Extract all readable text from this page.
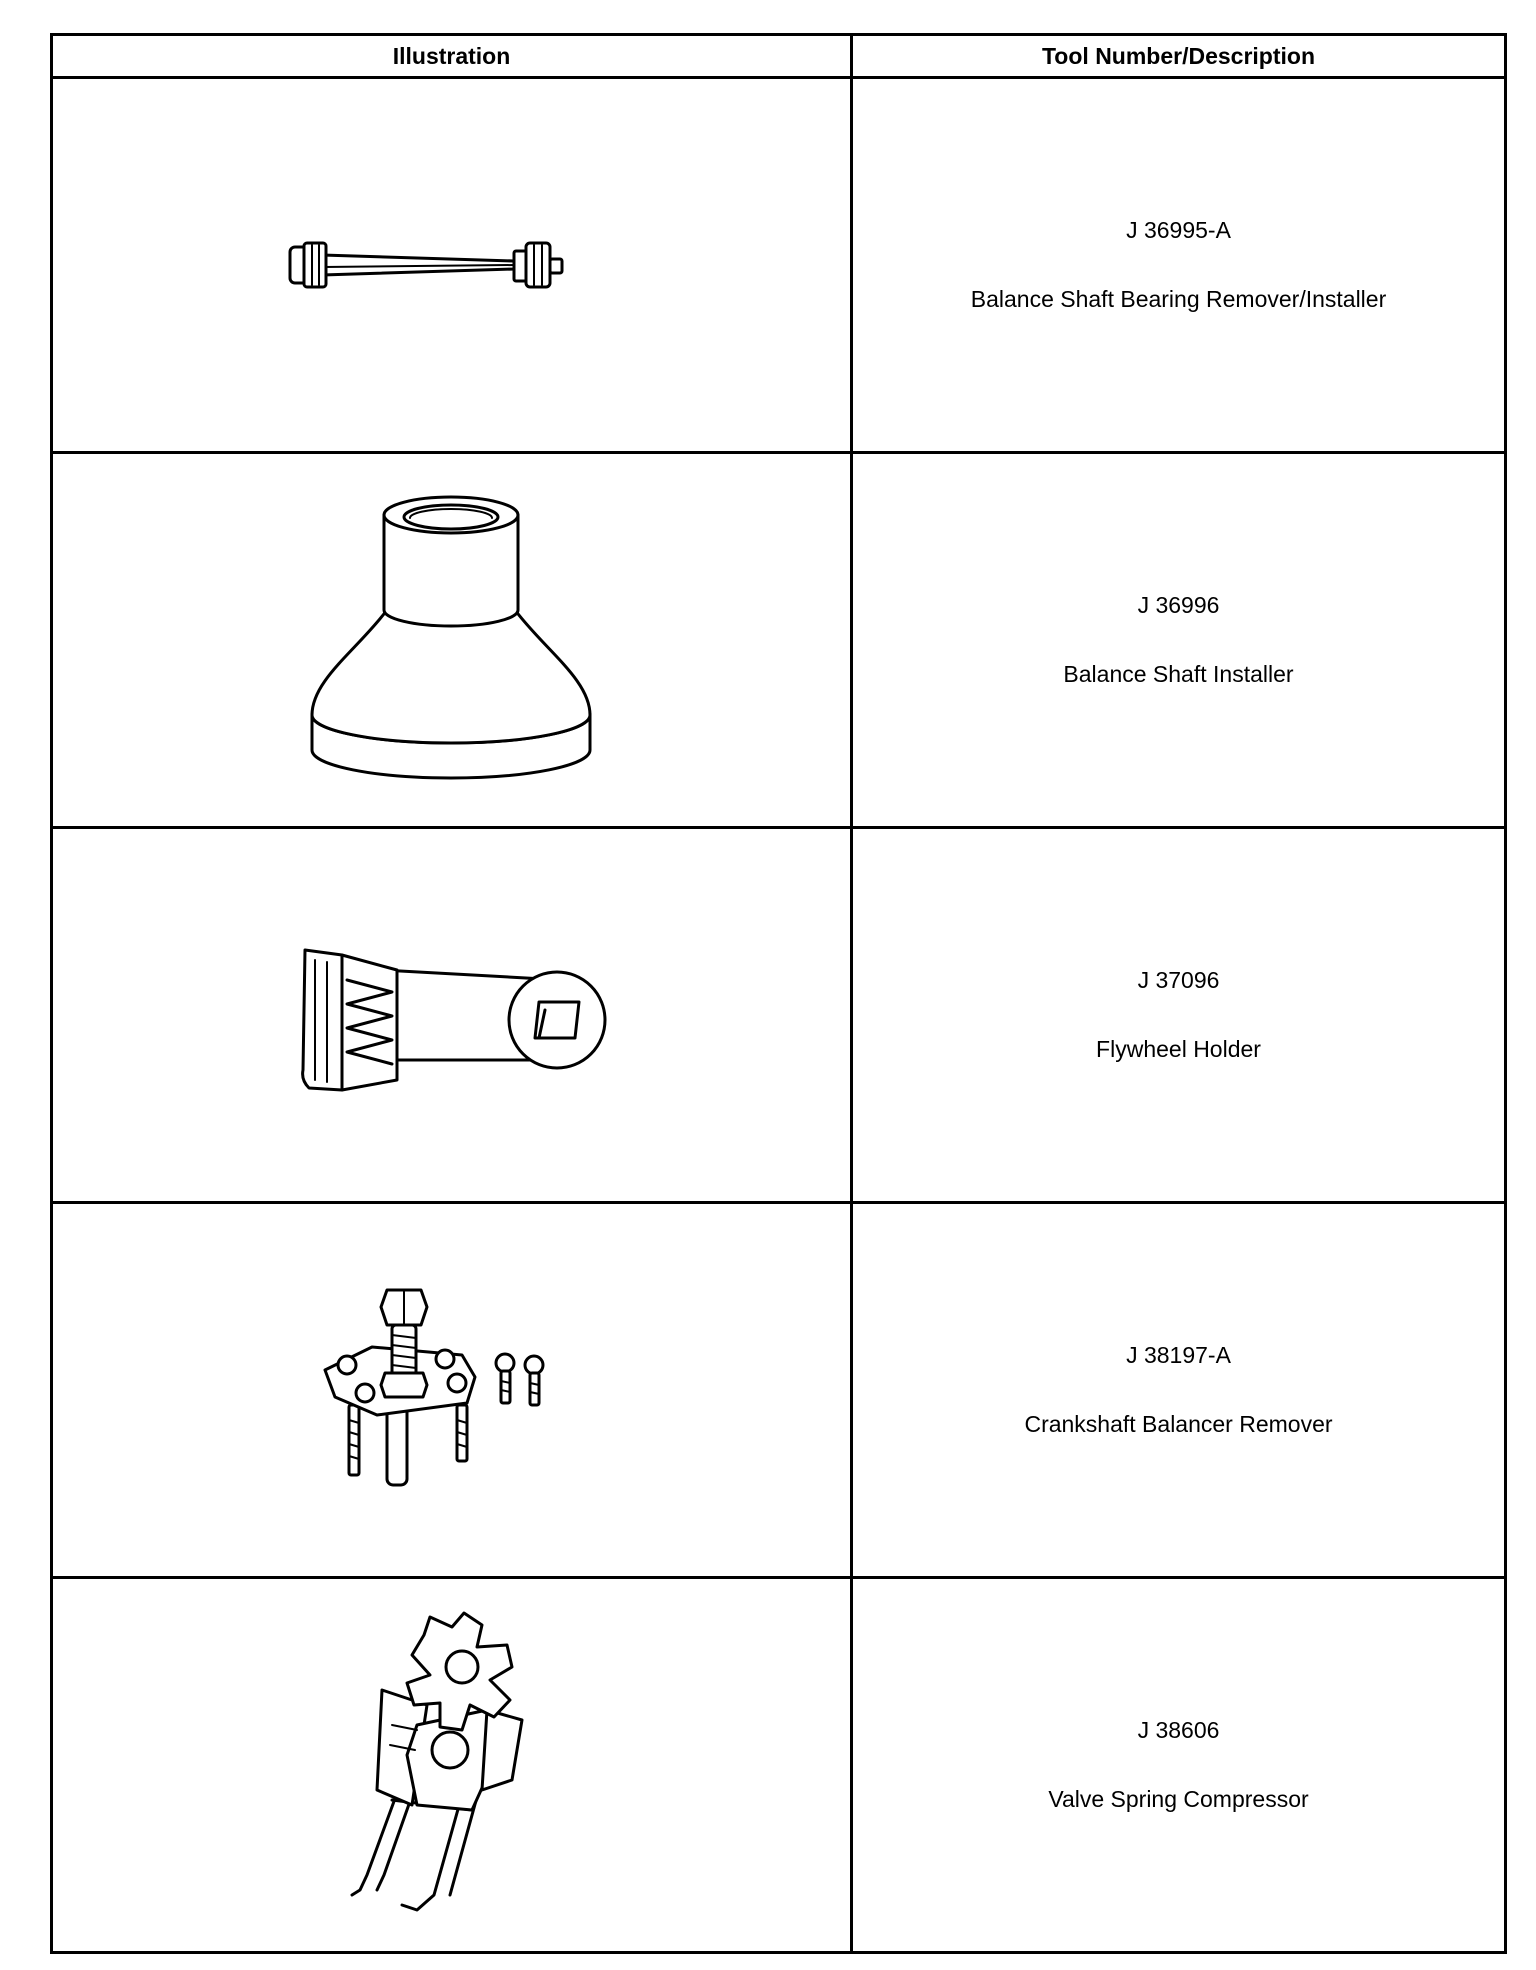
Illustration	Tool Number/Description

J 36995-A

Balance Shaft Bearing Remover/Installer

J 36996

Balance Shaft Installer

J 37096

Flywheel Holder

J 38197-A

Crankshaft Balancer Remover

J 38606

Valve Spring Compressor
